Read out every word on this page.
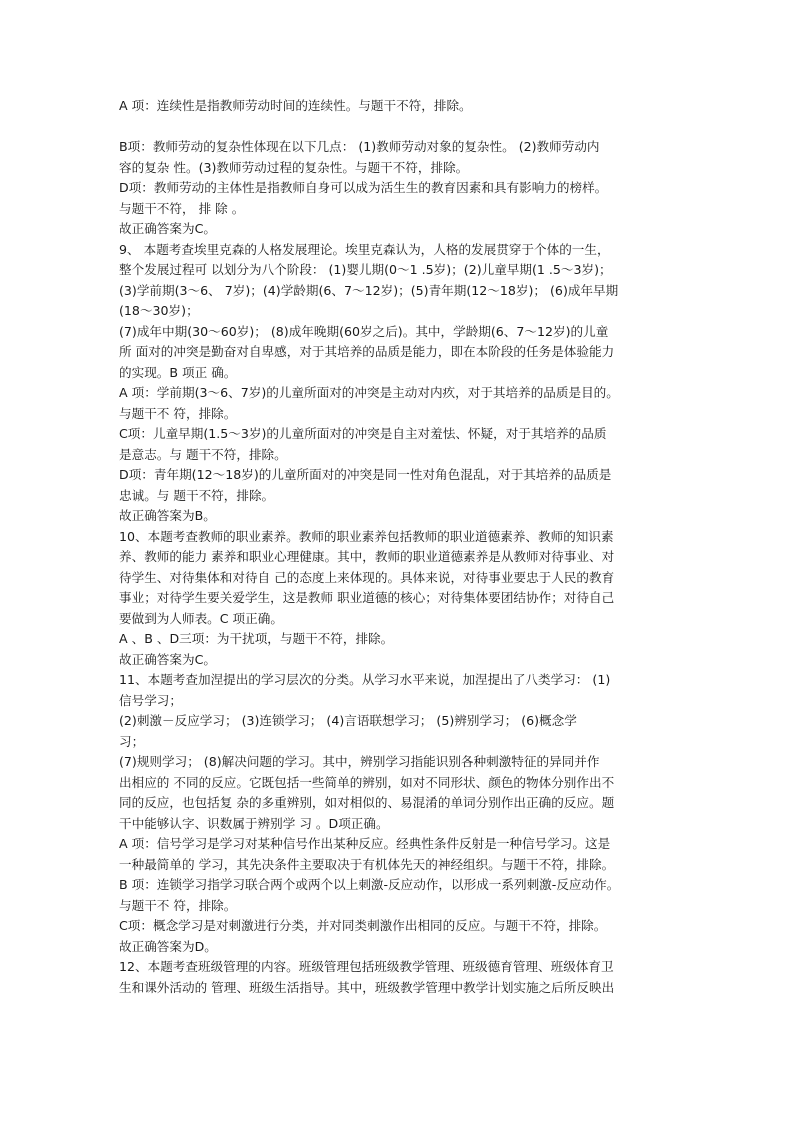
A 项：连续性是指教师劳动时间的连续性。与题干不符，排除。
B项：教师劳动的复杂性体现在以下几点： (1)教师劳动对象的复杂性。 (2)教师劳动内
容的复杂 性。(3)教师劳动过程的复杂性。与题干不符，排除。
D项：教师劳动的主体性是指教师自身可以成为活生生的教育因素和具有影响力的榜样。
与题干不符， 排 除 。
故正确答案为C。
9、 本题考查埃里克森的人格发展理论。埃里克森认为，人格的发展贯穿于个体的一生，
整个发展过程可 以划分为八个阶段： (1)婴儿期(0～1 .5岁)；(2)儿童早期(1 .5～3岁)；
(3)学前期(3～6、 7岁)；(4)学龄期(6、7～12岁)；(5)青年期(12～18岁)； (6)成年早期
(18～30岁)；
(7)成年中期(30～60岁)； (8)成年晚期(60岁之后)。其中，学龄期(6、7～12岁)的儿童
所 面对的冲突是勤奋对自卑感，对于其培养的品质是能力，即在本阶段的任务是体验能力
的实现。B 项正 确。
A 项：学前期(3～6、7岁)的儿童所面对的冲突是主动对内疚，对于其培养的品质是目的。
与题干不 符，排除。
C项：儿童早期(1.5～3岁)的儿童所面对的冲突是自主对羞怯、怀疑，对于其培养的品质
是意志。与 题干不符，排除。
D项：青年期(12～18岁)的儿童所面对的冲突是同一性对角色混乱，对于其培养的品质是
忠诚。与 题干不符，排除。
故正确答案为B。
10、本题考查教师的职业素养。教师的职业素养包括教师的职业道德素养、教师的知识素
养、教师的能力 素养和职业心理健康。其中，教师的职业道德素养是从教师对待事业、对
待学生、对待集体和对待自 己的态度上来体现的。具体来说，对待事业要忠于人民的教育
事业；对待学生要关爱学生，这是教师 职业道德的核心；对待集体要团结协作；对待自己
要做到为人师表。C 项正确。
A 、B 、D三项：为干扰项，与题干不符，排除。
故正确答案为C。
11、本题考查加涅提出的学习层次的分类。从学习水平来说，加涅提出了八类学习： (1)
信号学习；
(2)刺激－反应学习； (3)连锁学习； (4)言语联想学习； (5)辨别学习； (6)概念学
习；
(7)规则学习； (8)解决问题的学习。其中，辨别学习指能识别各种刺激特征的异同并作
出相应的 不同的反应。它既包括一些简单的辨别，如对不同形状、颜色的物体分别作出不
同的反应，也包括复 杂的多重辨别，如对相似的、易混淆的单词分别作出正确的反应。题
干中能够认字、识数属于辨别学 习 。D项正确。
A 项：信号学习是学习对某种信号作出某种反应。经典性条件反射是一种信号学习。这是
一种最简单的 学习，其先决条件主要取决于有机体先天的神经组织。与题干不符，排除。
B 项：连锁学习指学习联合两个或两个以上刺激-反应动作，以形成一系列刺激-反应动作。
与题干不 符，排除。
C项：概念学习是对刺激进行分类，并对同类刺激作出相同的反应。与题干不符，排除。
故正确答案为D。
12、本题考查班级管理的内容。班级管理包括班级教学管理、班级德育管理、班级体育卫
生和课外活动的 管理、班级生活指导。其中，班级教学管理中教学计划实施之后所反映出
